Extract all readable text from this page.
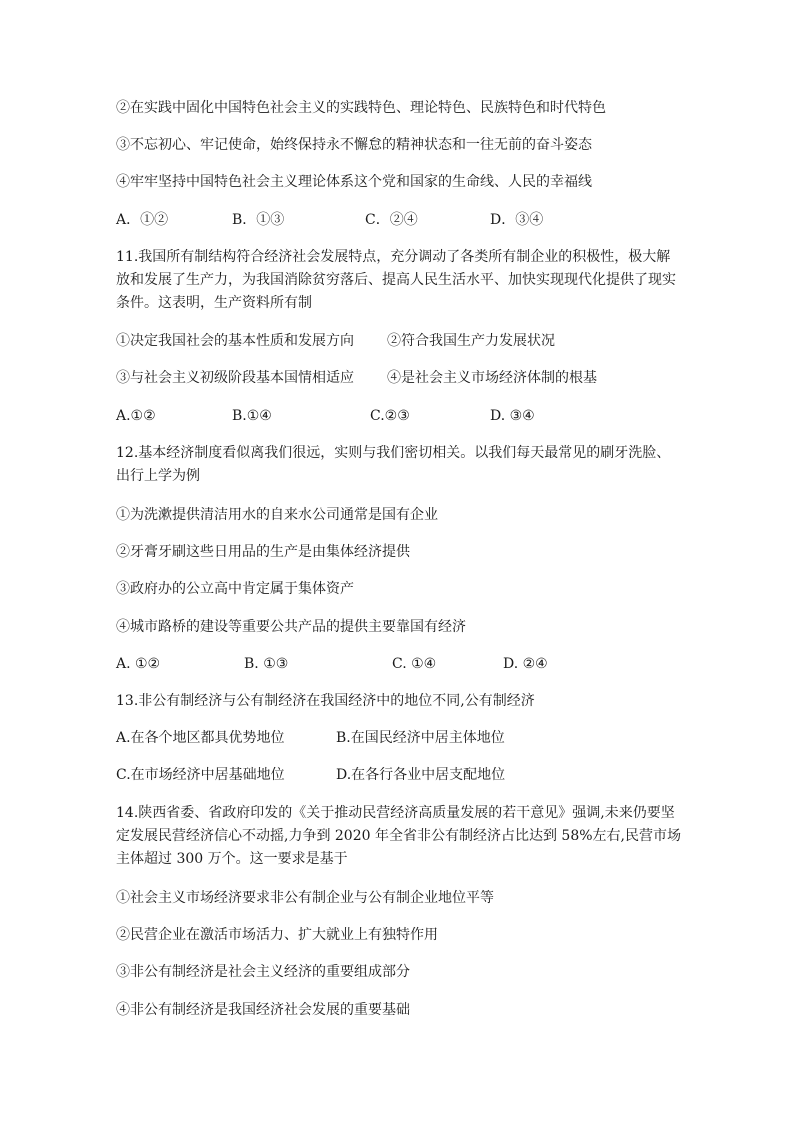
②在实践中固化中国特色社会主义的实践特色、理论特色、民族特色和时代特色
③不忘初心、牢记使命，始终保持永不懈怠的精神状态和一往无前的奋斗姿态
④牢牢坚持中国特色社会主义理论体系这个党和国家的生命线、人民的幸福线
A．①②	B．①③	C．②④	D．③④
11.我国所有制结构符合经济社会发展特点，充分调动了各类所有制企业的积极性，极大解放和发展了生产力，为我国消除贫穷落后、提高人民生活水平、加快实现现代化提供了现实条件。这表明，生产资料所有制
①决定我国社会的基本性质和发展方向	②符合我国生产力发展状况
③与社会主义初级阶段基本国情相适应	④是社会主义市场经济体制的根基
A.①②	B.①④	C.②③	D. ③④
12.基本经济制度看似离我们很远，实则与我们密切相关。以我们每天最常见的刷牙洗脸、出行上学为例
①为洗漱提供清洁用水的自来水公司通常是国有企业
②牙膏牙刷这些日用品的生产是由集体经济提供
③政府办的公立高中肯定属于集体资产
④城市路桥的建设等重要公共产品的提供主要靠国有经济
A. ①②	B. ①③	C. ①④	D. ②④
13.非公有制经济与公有制经济在我国经济中的地位不同,公有制经济
A.在各个地区都具优势地位	B.在国民经济中居主体地位
C.在市场经济中居基础地位	D.在各行各业中居支配地位
14.陕西省委、省政府印发的《关于推动民营经济高质量发展的若干意见》强调,未来仍要坚定发展民营经济信心不动摇,力争到 2020 年全省非公有制经济占比达到 58%左右,民营市场主体超过 300 万个。这一要求是基于
①社会主义市场经济要求非公有制企业与公有制企业地位平等
②民营企业在激活市场活力、扩大就业上有独特作用
③非公有制经济是社会主义经济的重要组成部分
④非公有制经济是我国经济社会发展的重要基础
